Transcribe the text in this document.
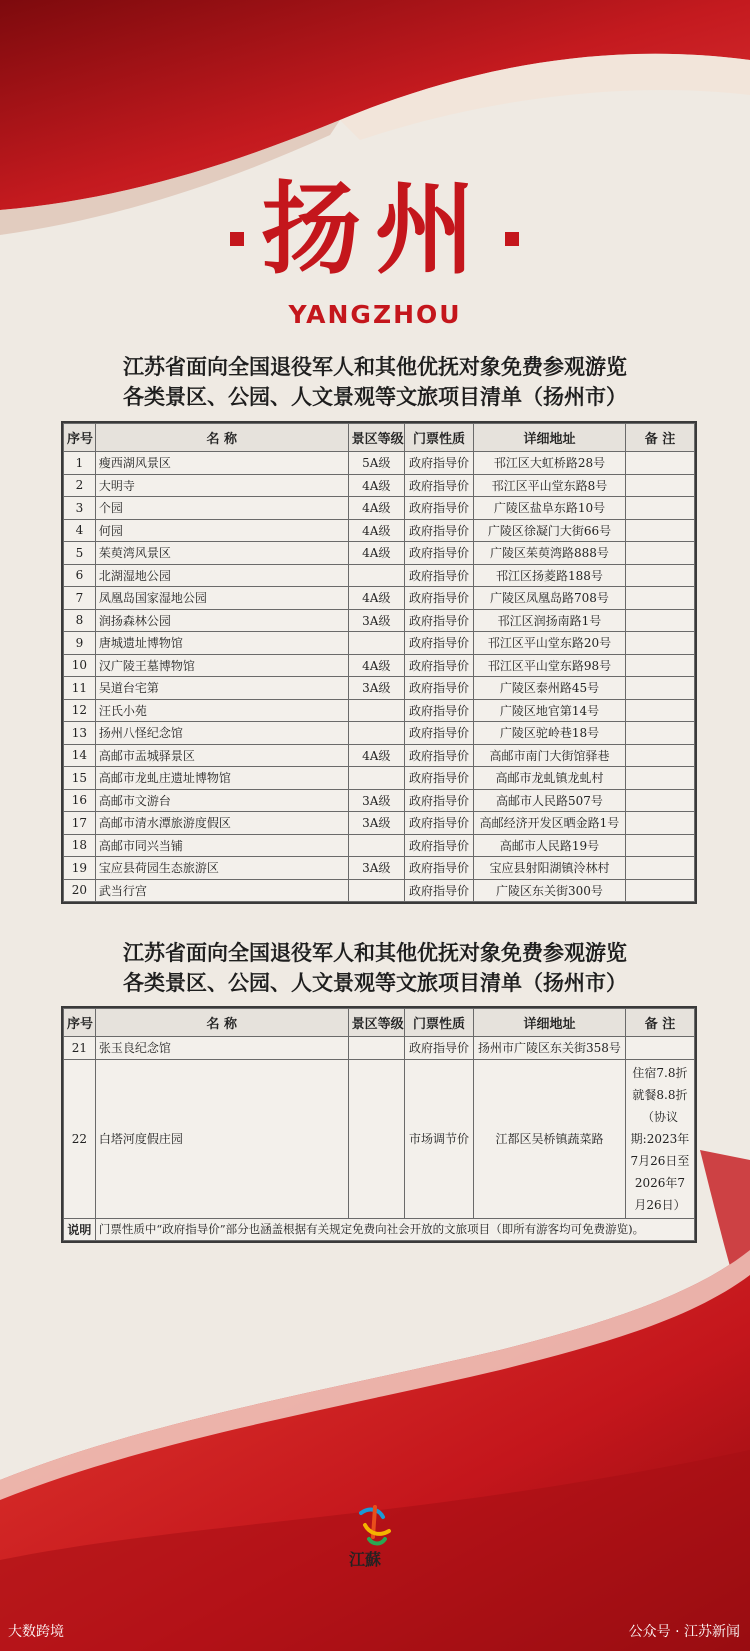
扬州
YANGZHOU
江苏省面向全国退役军人和其他优抚对象免费参观游览
各类景区、公园、人文景观等文旅项目清单（扬州市）
序号	名 称	景区等级	门票性质	详细地址	备 注
1	瘦西湖风景区	5A级	政府指导价	邗江区大虹桥路28号	
2	大明寺	4A级	政府指导价	邗江区平山堂东路8号	
3	个园	4A级	政府指导价	广陵区盐阜东路10号	
4	何园	4A级	政府指导价	广陵区徐凝门大街66号	
5	茱萸湾风景区	4A级	政府指导价	广陵区茱萸湾路888号	
6	北湖湿地公园		政府指导价	邗江区扬菱路188号	
7	凤凰岛国家湿地公园	4A级	政府指导价	广陵区凤凰岛路708号	
8	润扬森林公园	3A级	政府指导价	邗江区润扬南路1号	
9	唐城遗址博物馆		政府指导价	邗江区平山堂东路20号	
10	汉广陵王墓博物馆	4A级	政府指导价	邗江区平山堂东路98号	
11	吴道台宅第	3A级	政府指导价	广陵区泰州路45号	
12	汪氏小苑		政府指导价	广陵区地官第14号	
13	扬州八怪纪念馆		政府指导价	广陵区驼岭巷18号	
14	高邮市盂城驿景区	4A级	政府指导价	高邮市南门大街馆驿巷	
15	高邮市龙虬庄遗址博物馆		政府指导价	高邮市龙虬镇龙虬村	
16	高邮市文游台	3A级	政府指导价	高邮市人民路507号	
17	高邮市清水潭旅游度假区	3A级	政府指导价	高邮经济开发区晒金路1号	
18	高邮市同兴当铺		政府指导价	高邮市人民路19号	
19	宝应县荷园生态旅游区	3A级	政府指导价	宝应县射阳湖镇泠林村	
20	武当行宫		政府指导价	广陵区东关街300号	
江苏省面向全国退役军人和其他优抚对象免费参观游览
各类景区、公园、人文景观等文旅项目清单（扬州市）
序号	名 称	景区等级	门票性质	详细地址	备 注
21	张玉良纪念馆		政府指导价	扬州市广陵区东关街358号	
22	白塔河度假庄园		市场调节价	江都区吴桥镇蔬菜路	住宿7.8折 就餐8.8折（协议期:2023年7月26日至2026年7月26日）
说明	门票性质中“政府指导价”部分也涵盖根据有关规定免费向社会开放的文旅项目（即所有游客均可免费游览)。				
江蘇
大数跨境	公众号 · 江苏新闻
